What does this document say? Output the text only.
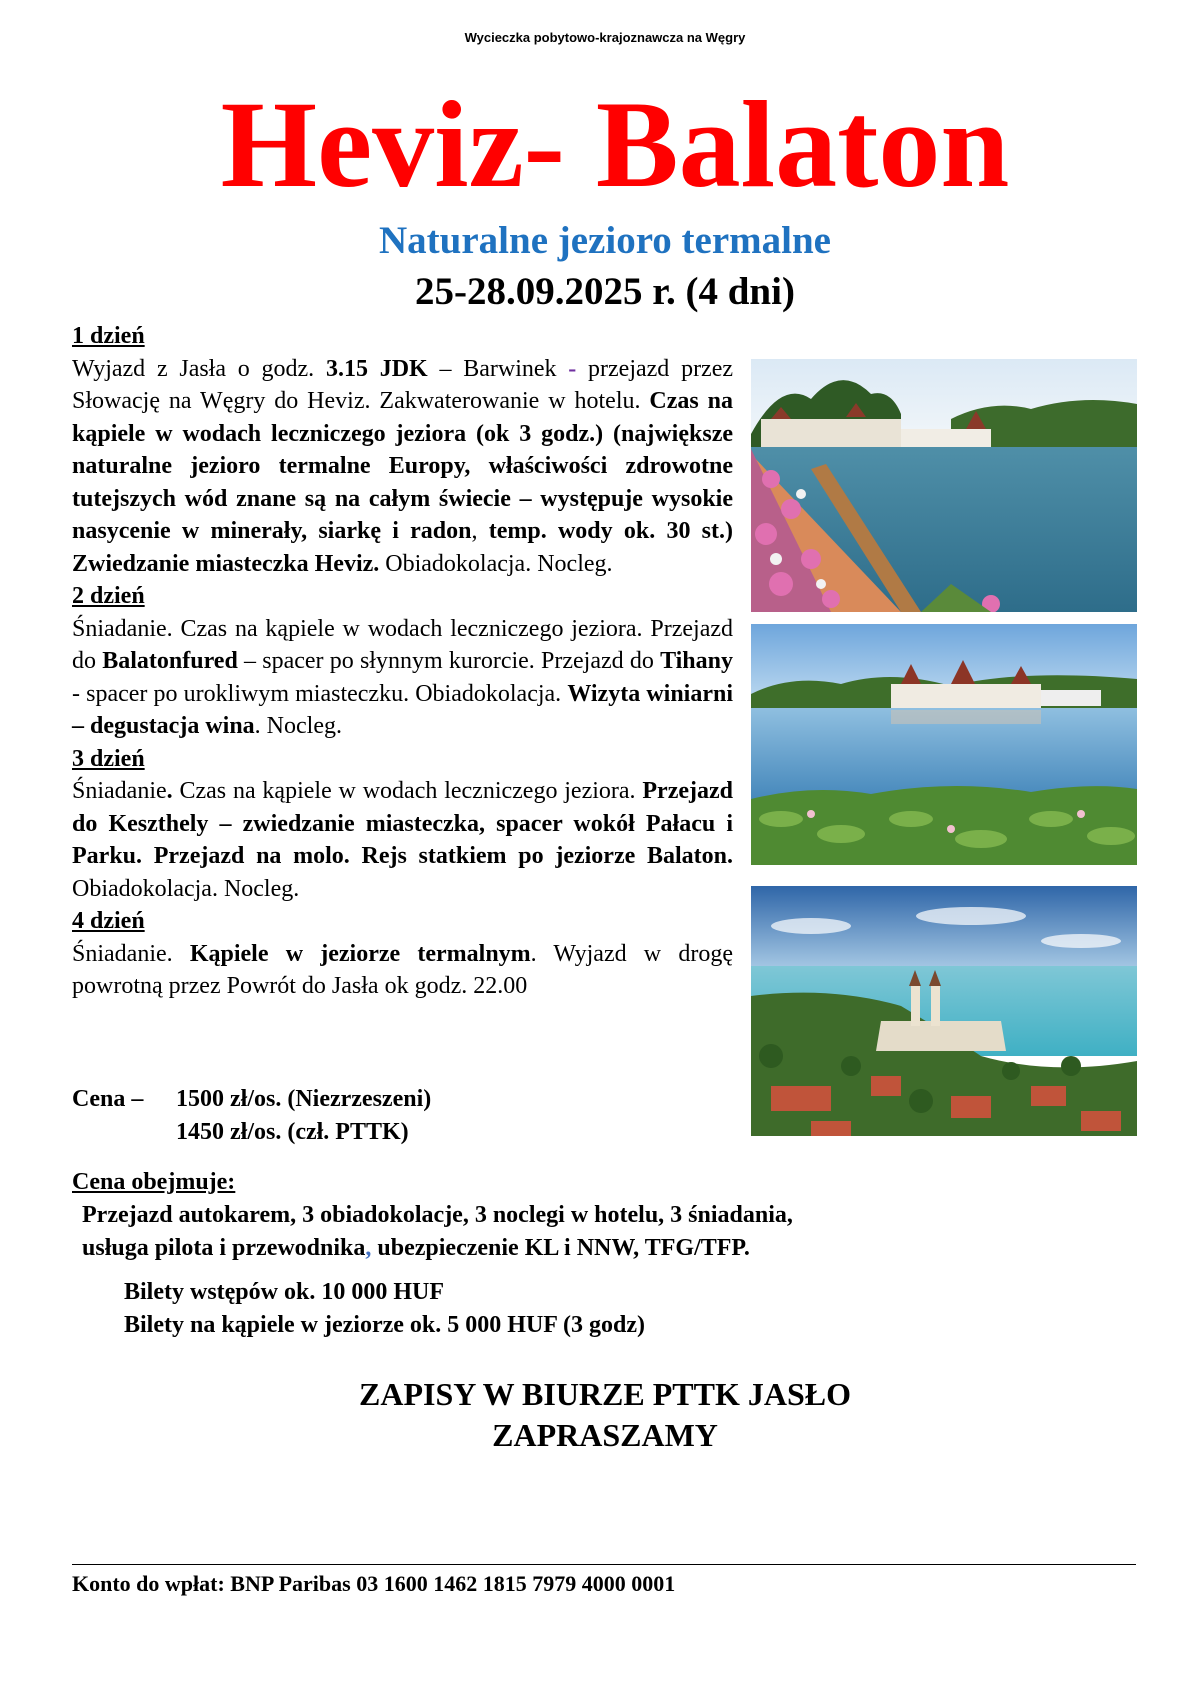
Wycieczka pobytowo-krajoznawcza na Węgry
Heviz- Balaton
Naturalne jezioro termalne
25-28.09.2025 r. (4 dni)
1 dzień
Wyjazd z Jasła o godz. 3.15 JDK – Barwinek - przejazd przez Słowację na Węgry do Heviz. Zakwaterowanie w hotelu. Czas na kąpiele w wodach leczniczego jeziora (ok 3 godz.) (największe naturalne jezioro termalne Europy, właściwości zdrowotne tutejszych wód znane są na całym świecie – występuje wysokie nasycenie w minerały, siarkę i radon, temp. wody ok. 30 st.) Zwiedzanie miasteczka Heviz. Obiadokolacja. Nocleg.
2 dzień
Śniadanie. Czas na kąpiele w wodach leczniczego jeziora. Przejazd do Balatonfured – spacer po słynnym kurorcie. Przejazd do Tihany - spacer po urokliwym miasteczku. Obiadokolacja. Wizyta winiarni – degustacja wina. Nocleg.
3 dzień
Śniadanie. Czas na kąpiele w wodach leczniczego jeziora. Przejazd do Keszthely – zwiedzanie miasteczka, spacer wokół Pałacu i Parku. Przejazd na molo. Rejs statkiem po jeziorze Balaton. Obiadokolacja. Nocleg.
4 dzień
Śniadanie. Kąpiele w jeziorze termalnym. Wyjazd w drogę powrotną przez Powrót do Jasła ok godz. 22.00
Cena –	1500 zł/os. (Niezrzeszeni)
1450 zł/os. (czł. PTTK)
Cena obejmuje:
Przejazd autokarem, 3 obiadokolacje, 3 noclegi w hotelu, 3 śniadania,
usługa pilota i przewodnika, ubezpieczenie KL i NNW, TFG/TFP.
Bilety wstępów ok. 10 000 HUF
Bilety na kąpiele w jeziorze ok. 5 000 HUF (3 godz)
ZAPISY W BIURZE PTTK JASŁO
ZAPRASZAMY
Konto do wpłat: BNP Paribas 03 1600 1462 1815 7979 4000 0001
